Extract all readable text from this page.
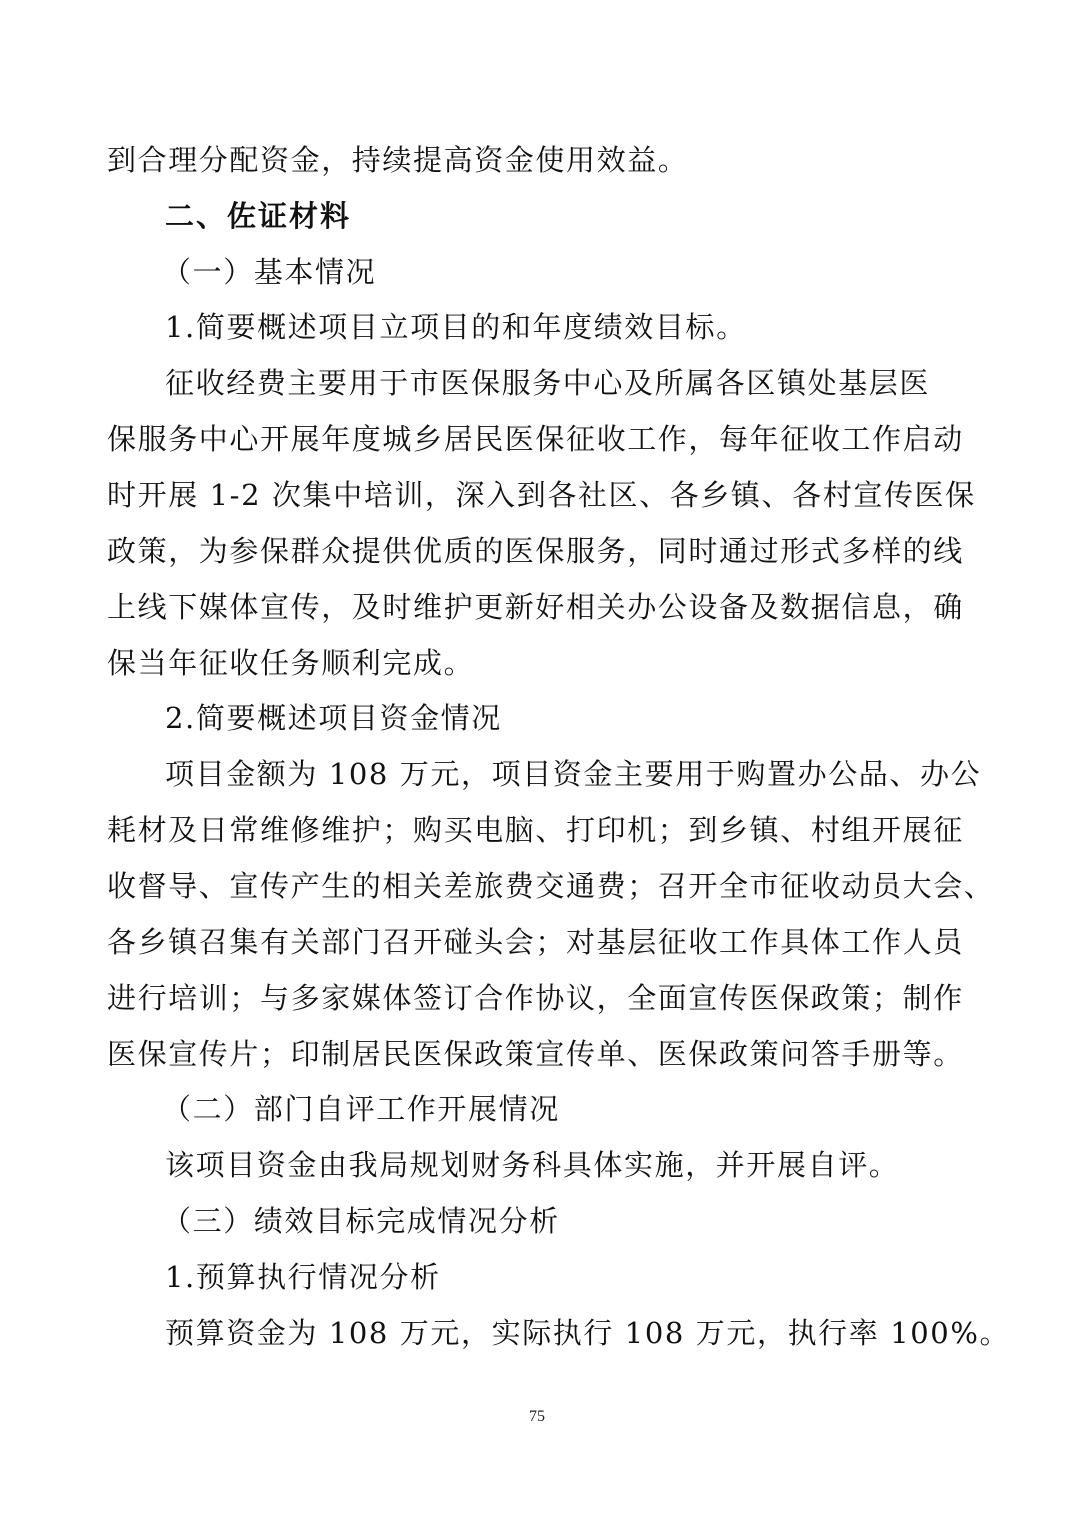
到合理分配资金，持续提高资金使用效益。
二、佐证材料
（一）基本情况
1.简要概述项目立项目的和年度绩效目标。
征收经费主要用于市医保服务中心及所属各区镇处基层医
保服务中心开展年度城乡居民医保征收工作，每年征收工作启动
时开展 1-2 次集中培训，深入到各社区、各乡镇、各村宣传医保
政策，为参保群众提供优质的医保服务，同时通过形式多样的线
上线下媒体宣传，及时维护更新好相关办公设备及数据信息，确
保当年征收任务顺利完成。
2.简要概述项目资金情况
项目金额为 108 万元，项目资金主要用于购置办公品、办公
耗材及日常维修维护；购买电脑、打印机；到乡镇、村组开展征
收督导、宣传产生的相关差旅费交通费；召开全市征收动员大会、
各乡镇召集有关部门召开碰头会；对基层征收工作具体工作人员
进行培训；与多家媒体签订合作协议，全面宣传医保政策；制作
医保宣传片；印制居民医保政策宣传单、医保政策问答手册等。
（二）部门自评工作开展情况
该项目资金由我局规划财务科具体实施，并开展自评。
（三）绩效目标完成情况分析
1.预算执行情况分析
预算资金为 108 万元，实际执行 108 万元，执行率 100%。
75
